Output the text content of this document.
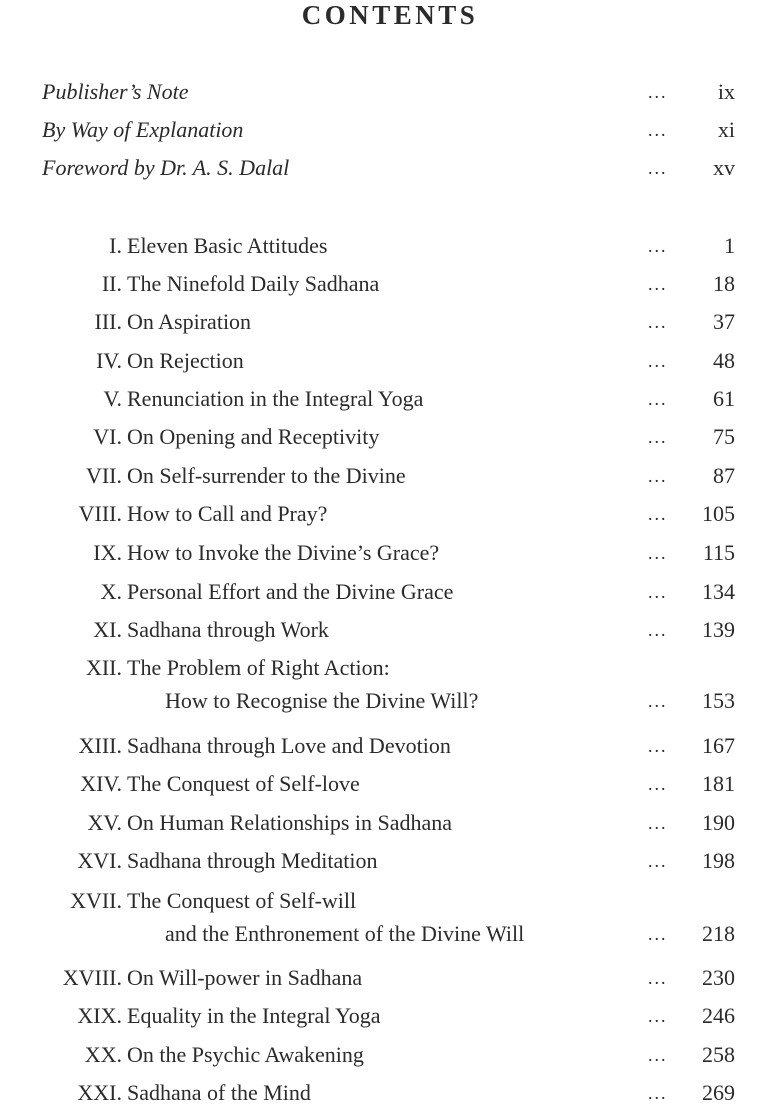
CONTENTS
Publisher’s Note	... ix
By Way of Explanation	... xi
Foreword by Dr. A. S. Dalal	... xv
I. Eleven Basic Attitudes	...	1
II. The Ninefold Daily Sadhana	... 18
III. On Aspiration	... 37
IV. On Rejection	... 48
V. Renunciation in the Integral Yoga	... 61
VI. On Opening and Receptivity	... 75
VII. On Self-surrender to the Divine	... 87
VIII. How to Call and Pray?	... 105
IX. How to Invoke the Divine’s Grace?	... 115
X. Personal Effort and the Divine Grace	... 134
XI. Sadhana through Work	... 139
XII. The Problem of Right Action:
How to Recognise the Divine Will?	... 153
XIII. Sadhana through Love and Devotion	... 167
XIV. The Conquest of Self-love	... 181
XV. On Human Relationships in Sadhana	... 190
XVI. Sadhana through Meditation	... 198
XVII. The Conquest of Self-will
and the Enthronement of the Divine Will	... 218
XVIII. On Will-power in Sadhana	... 230
XIX. Equality in the Integral Yoga	... 246
XX. On the Psychic Awakening	... 258
XXI. Sadhana of the Mind	... 269
